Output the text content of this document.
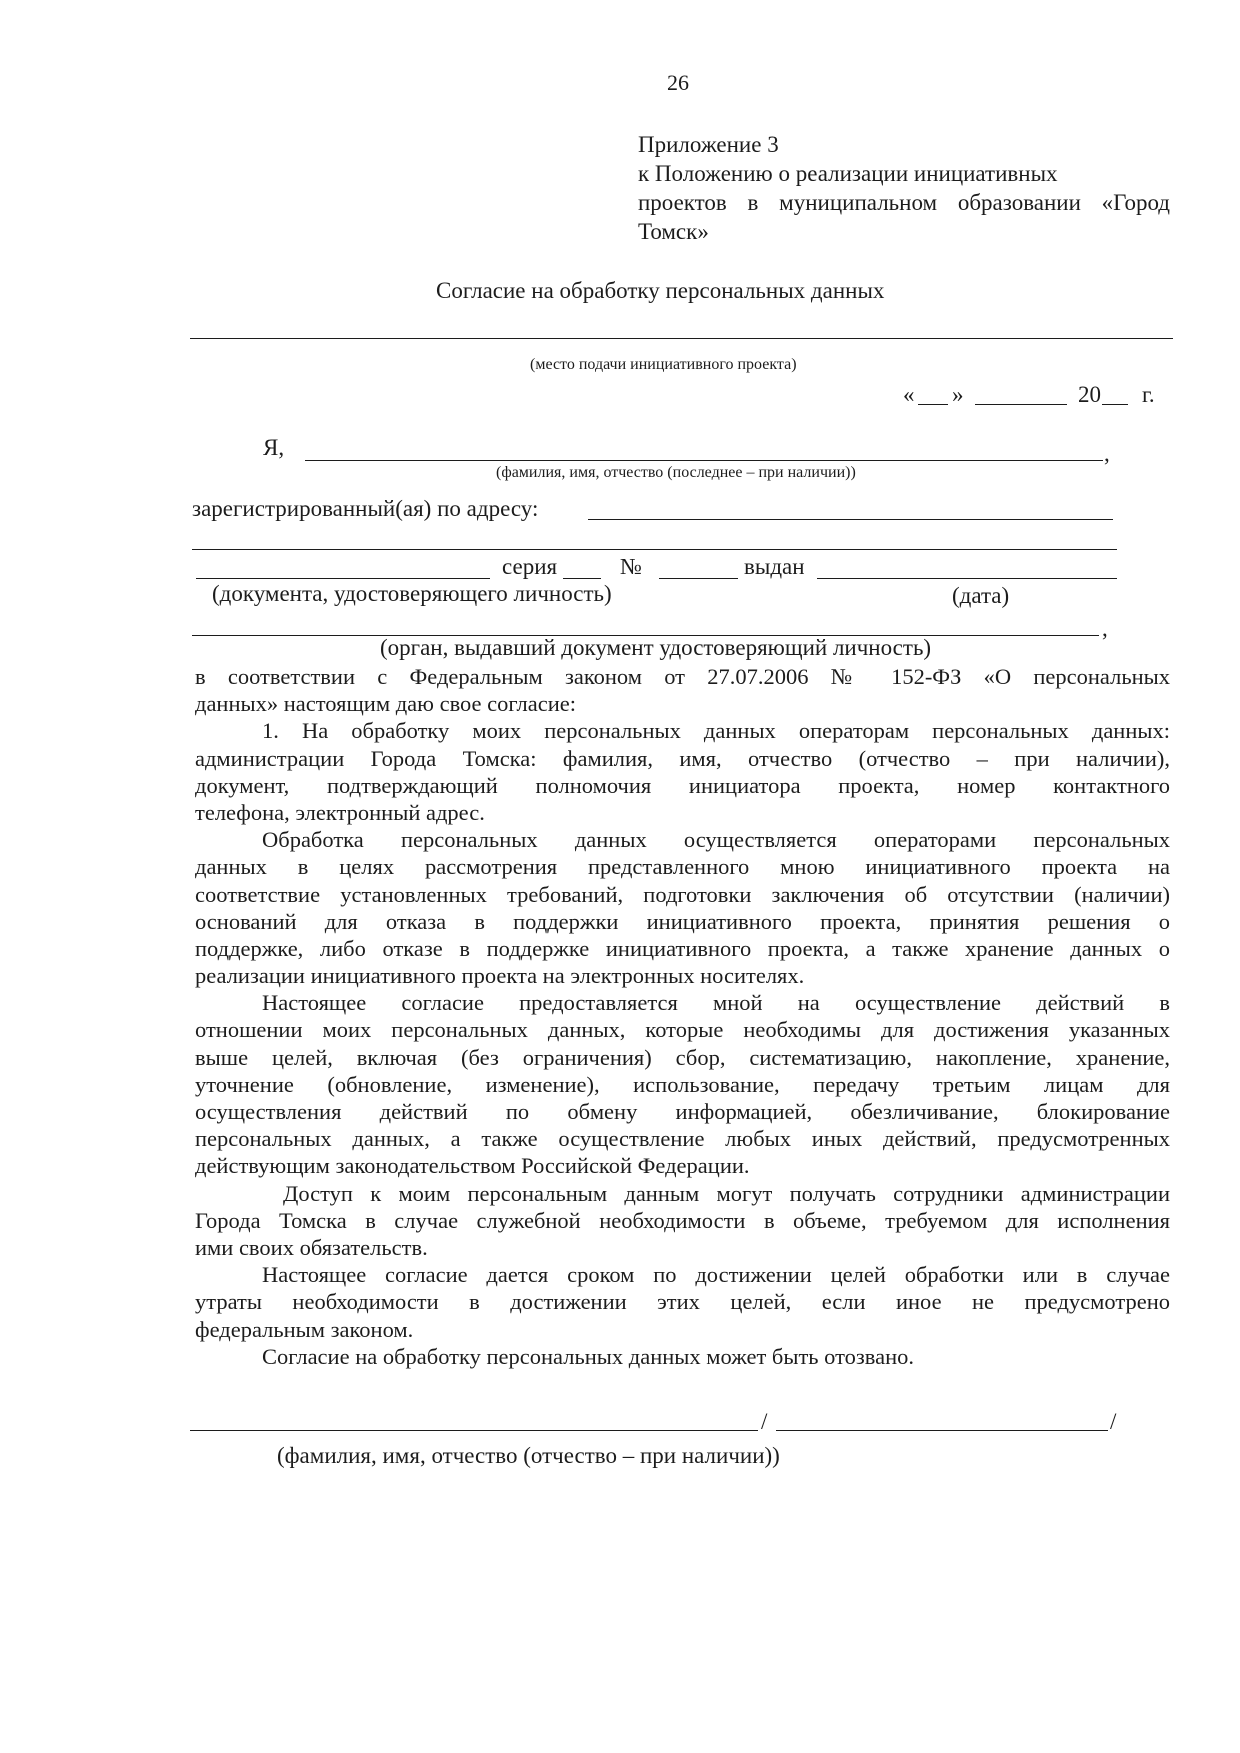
26
Приложение 3
к Положению о реализации инициативных
проектов в муниципальном образовании «Город
Томск»
Согласие на обработку персональных данных
(место подачи инициативного проекта)
« »	20 г.
Я,	,
(фамилия, имя, отчество (последнее – при наличии))
зарегистрированный(ая) по адресу:
серия	№	выдан
(документа, удостоверяющего личность)	(дата)
,
(орган, выдавший документ удостоверяющий личность)
в соответствии с Федеральным законом от 27.07.2006 № 152-ФЗ «О персональных
данных» настоящим даю свое согласие:
1. На обработку моих персональных данных операторам персональных данных:
администрации Города Томска: фамилия, имя, отчество (отчество – при наличии),
документ, подтверждающий полномочия инициатора проекта, номер контактного
телефона, электронный адрес.
Обработка персональных данных осуществляется операторами персональных
данных в целях рассмотрения представленного мною инициативного проекта на
соответствие установленных требований, подготовки заключения об отсутствии (наличии)
оснований для отказа в поддержки инициативного проекта, принятия решения о
поддержке, либо отказе в поддержке инициативного проекта, а также хранение данных о
реализации инициативного проекта на электронных носителях.
Настоящее согласие предоставляется мной на осуществление действий в
отношении моих персональных данных, которые необходимы для достижения указанных
выше целей, включая (без ограничения) сбор, систематизацию, накопление, хранение,
уточнение (обновление, изменение), использование, передачу третьим лицам для
осуществления действий по обмену информацией, обезличивание, блокирование
персональных данных, а также осуществление любых иных действий, предусмотренных
действующим законодательством Российской Федерации.
Доступ к моим персональным данным могут получать сотрудники администрации
Города Томска в случае служебной необходимости в объеме, требуемом для исполнения
ими своих обязательств.
Настоящее согласие дается сроком по достижении целей обработки или в случае
утраты необходимости в достижении этих целей, если иное не предусмотрено
федеральным законом.
Согласие на обработку персональных данных может быть отозвано.
/	/
(фамилия, имя, отчество (отчество – при наличии))
